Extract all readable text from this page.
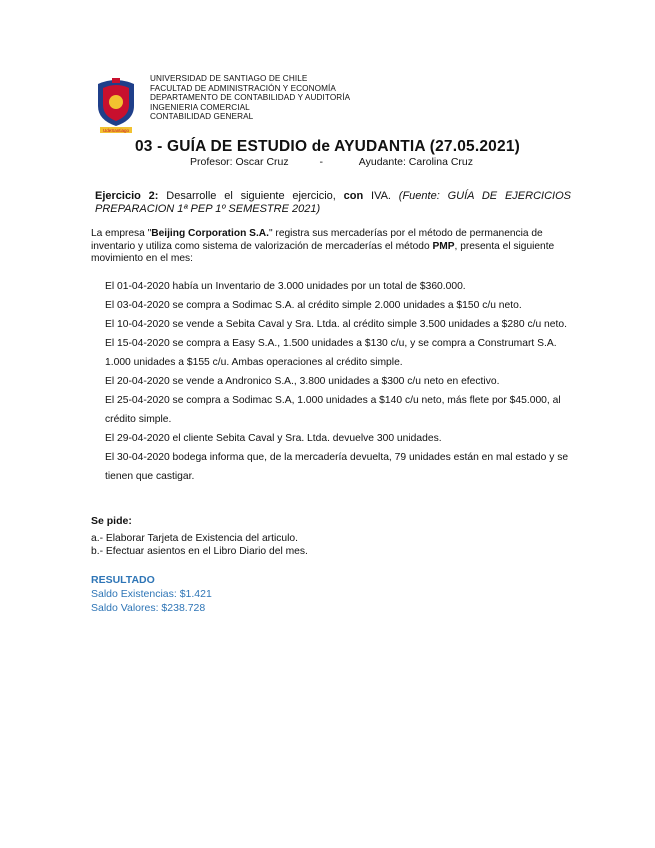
UdeSantiago
UNIVERSIDAD DE SANTIAGO DE CHILE
FACULTAD DE ADMINISTRACIÓN Y ECONOMÍA
DEPARTAMENTO DE CONTABILIDAD Y AUDITORÍA
INGENIERIA COMERCIAL
CONTABILIDAD GENERAL
03 - GUÍA DE ESTUDIO de AYUDANTIA (27.05.2021)
Profesor: Oscar Cruz	-	Ayudante: Carolina Cruz
Ejercicio 2: Desarrolle el siguiente ejercicio, con IVA. (Fuente: GUÍA DE EJERCICIOS PREPARACION 1ª PEP 1º SEMESTRE 2021)
La empresa "Beijing Corporation S.A." registra sus mercaderías por el método de permanencia de inventario y utiliza como sistema de valorización de mercaderías el método PMP, presenta el siguiente movimiento en el mes:
El 01-04-2020 había un Inventario de 3.000 unidades por un total de $360.000.
El 03-04-2020 se compra a Sodimac S.A. al crédito simple 2.000 unidades a $150 c/u neto.
El 10-04-2020 se vende a Sebita Caval y Sra. Ltda. al crédito simple 3.500 unidades a $280 c/u neto.
El 15-04-2020 se compra a Easy S.A., 1.500 unidades a $130 c/u, y se compra a Construmart S.A. 1.000 unidades a $155 c/u. Ambas operaciones al crédito simple.
El 20-04-2020 se vende a Andronico S.A., 3.800 unidades a $300 c/u neto en efectivo.
El 25-04-2020 se compra a Sodimac S.A, 1.000 unidades a $140 c/u neto, más flete por $45.000, al crédito simple.
El 29-04-2020 el cliente Sebita Caval y Sra. Ltda. devuelve 300 unidades.
El 30-04-2020 bodega informa que, de la mercadería devuelta, 79 unidades están en mal estado y se tienen que castigar.
Se pide:
a.- Elaborar Tarjeta de Existencia del articulo.
b.- Efectuar asientos en el Libro Diario del mes.
RESULTADO
Saldo Existencias: $1.421
Saldo Valores: $238.728
